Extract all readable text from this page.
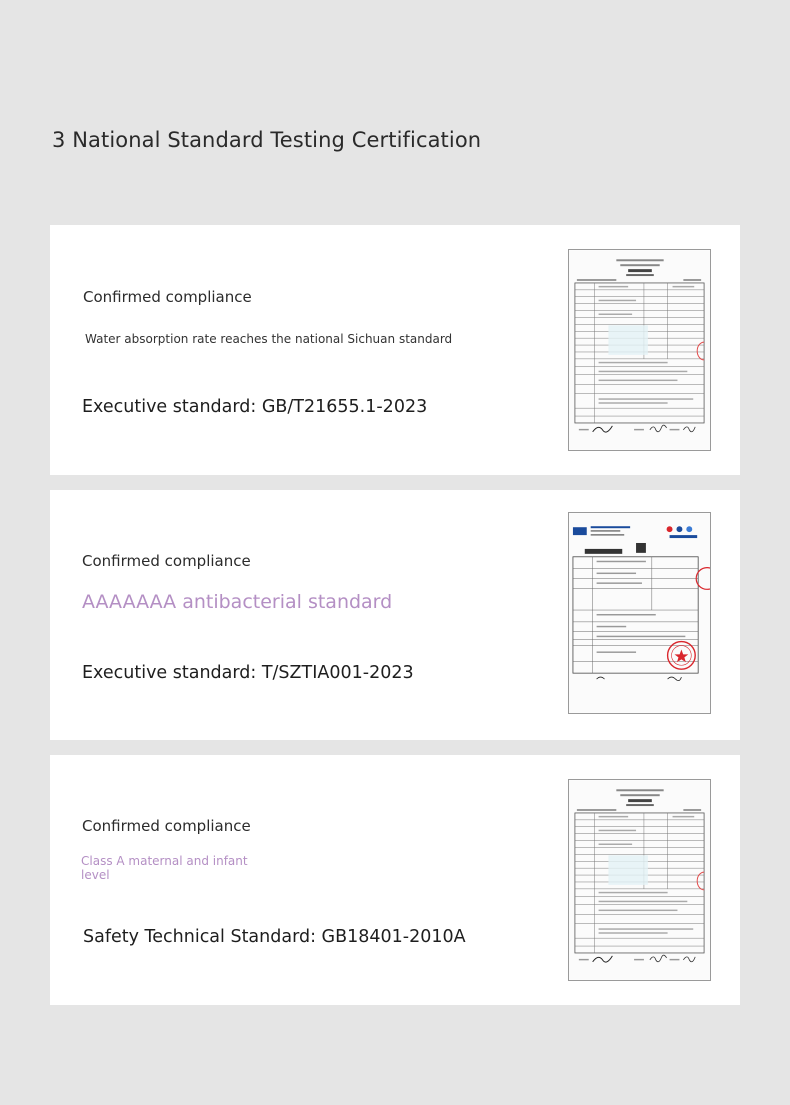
3 National Standard Testing Certification
Confirmed compliance
Water absorption rate reaches the national Sichuan standard
Executive standard: GB/T21655.1-2023
Confirmed compliance
AAAAAAA antibacterial standard
Executive standard: T/SZTIA001-2023
Confirmed compliance
Class A maternal and infant level
Safety Technical Standard: GB18401-2010A
